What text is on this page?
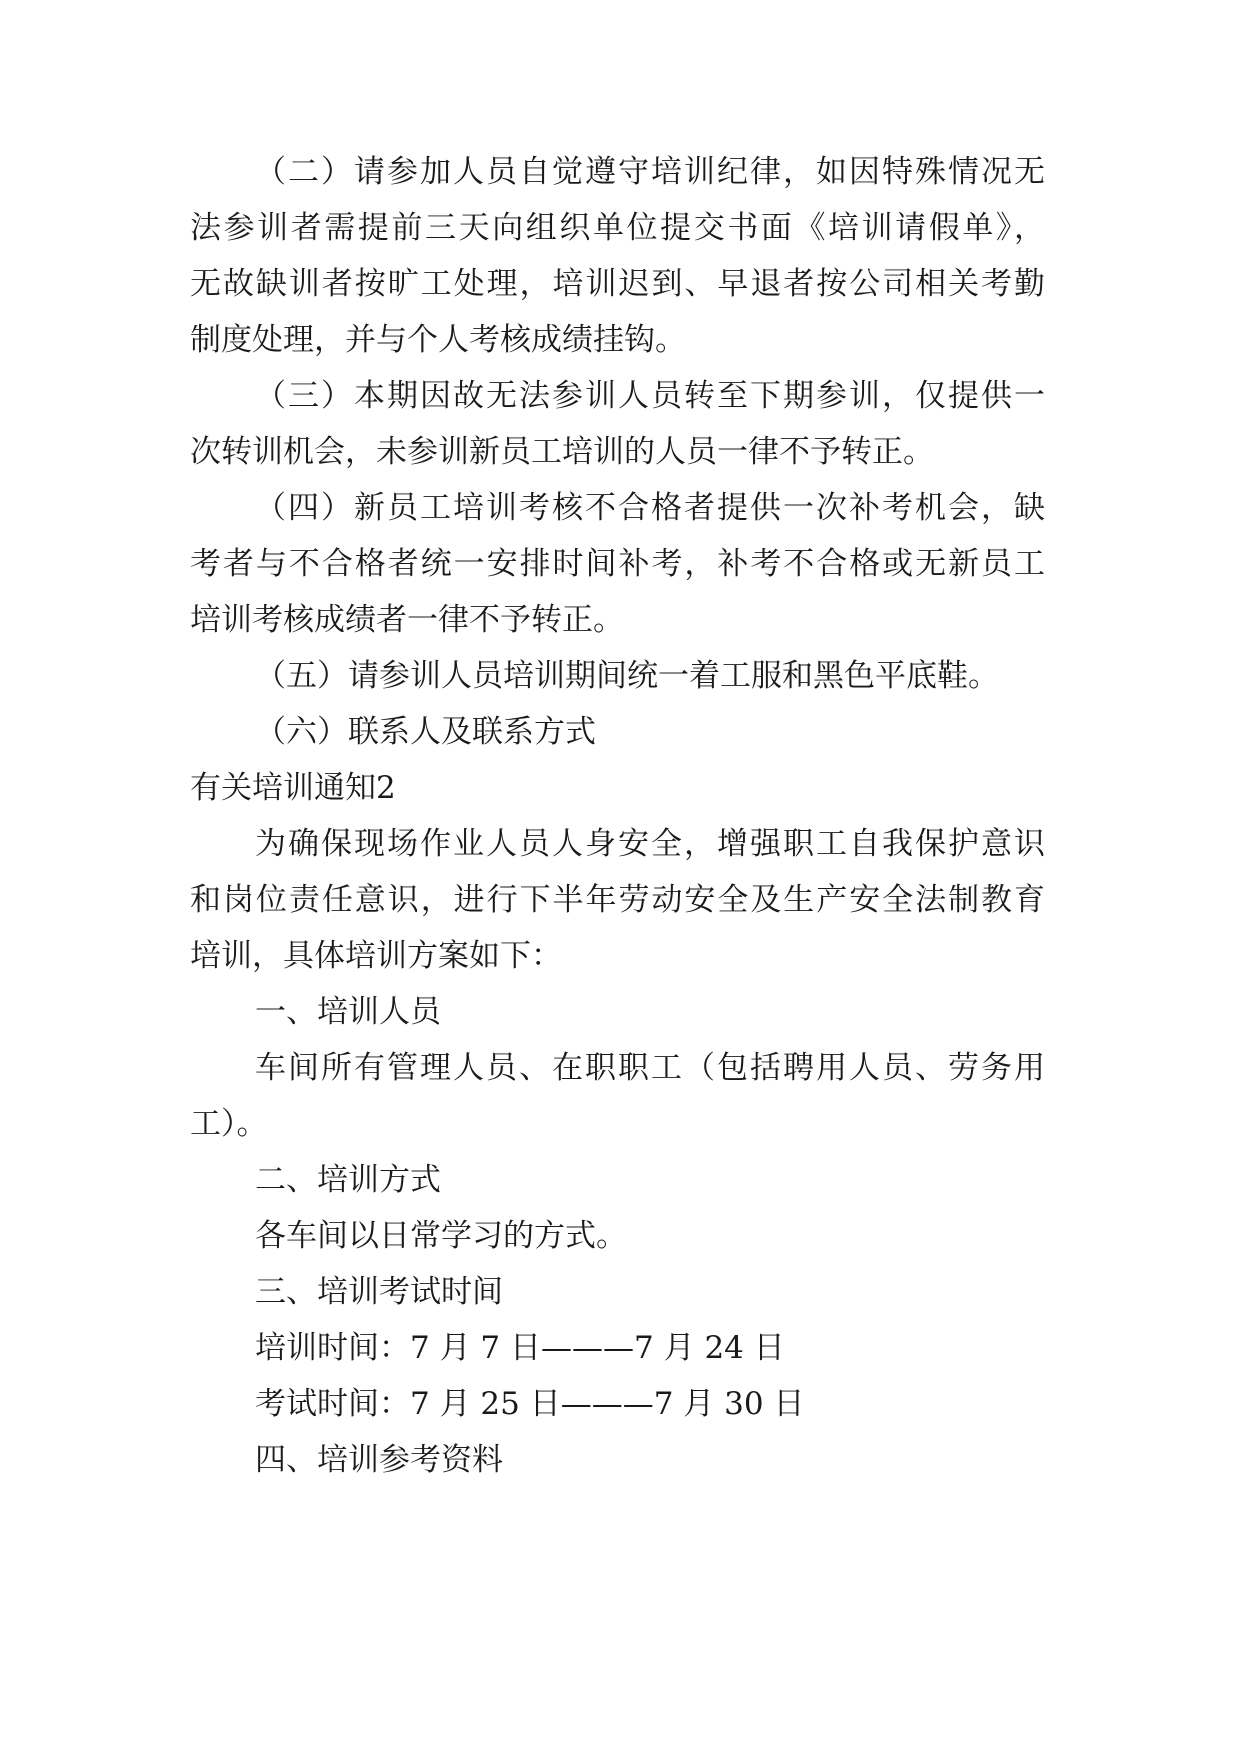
（二）请参加人员自觉遵守培训纪律，如因特殊情况无

法参训者需提前三天向组织单位提交书面《培训请假单》，

无故缺训者按旷工处理，培训迟到、早退者按公司相关考勤

制度处理，并与个人考核成绩挂钩。

（三）本期因故无法参训人员转至下期参训，仅提供一

次转训机会，未参训新员工培训的人员一律不予转正。

（四）新员工培训考核不合格者提供一次补考机会，缺

考者与不合格者统一安排时间补考，补考不合格或无新员工

培训考核成绩者一律不予转正。

（五）请参训人员培训期间统一着工服和黑色平底鞋。

（六）联系人及联系方式

有关培训通知2

为确保现场作业人员人身安全，增强职工自我保护意识

和岗位责任意识，进行下半年劳动安全及生产安全法制教育

培训，具体培训方案如下：

一、培训人员

车间所有管理人员、在职职工（包括聘用人员、劳务用

工）。

二、培训方式

各车间以日常学习的方式。

三、培训考试时间

培训时间：7 月 7 日———7 月 24 日

考试时间：7 月 25 日———7 月 30 日

四、培训参考资料
